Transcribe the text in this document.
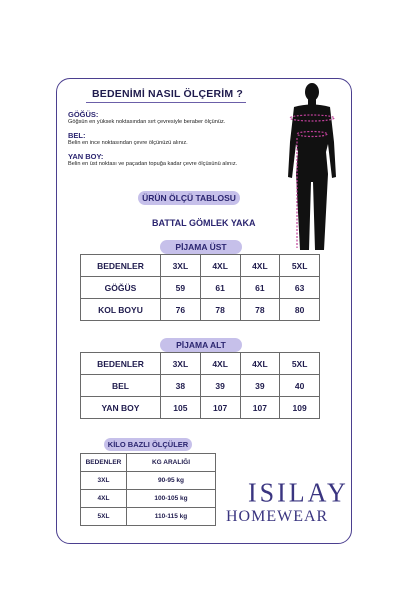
BEDENİMİ NASIL ÖLÇERİM ?
GÖĞÜS:
Göğsün en yüksek noktasından sırt çevresiyle beraber ölçünüz.
BEL:
Belin en ince noktasından çevre ölçünüzü alınız.
YAN BOY:
Belin en üst noktası ve paçadan topuğa kadar çevre ölçüsünü alınız.
ÜRÜN ÖLÇÜ TABLOSU
BATTAL GÖMLEK YAKA
PİJAMA ÜST
BEDENLER	3XL	4XL	4XL	5XL
GÖĞÜS	59	61	61	63
KOL BOYU	76	78	78	80
PİJAMA ALT
BEDENLER	3XL	4XL	4XL	5XL
BEL	38	39	39	40
YAN BOY	105	107	107	109
KİLO BAZLI ÖLÇÜLER
BEDENLER	KG ARALIĞI
3XL	90-95 kg
4XL	100-105 kg
5XL	110-115 kg
ISILAY
HOMEWEAR
